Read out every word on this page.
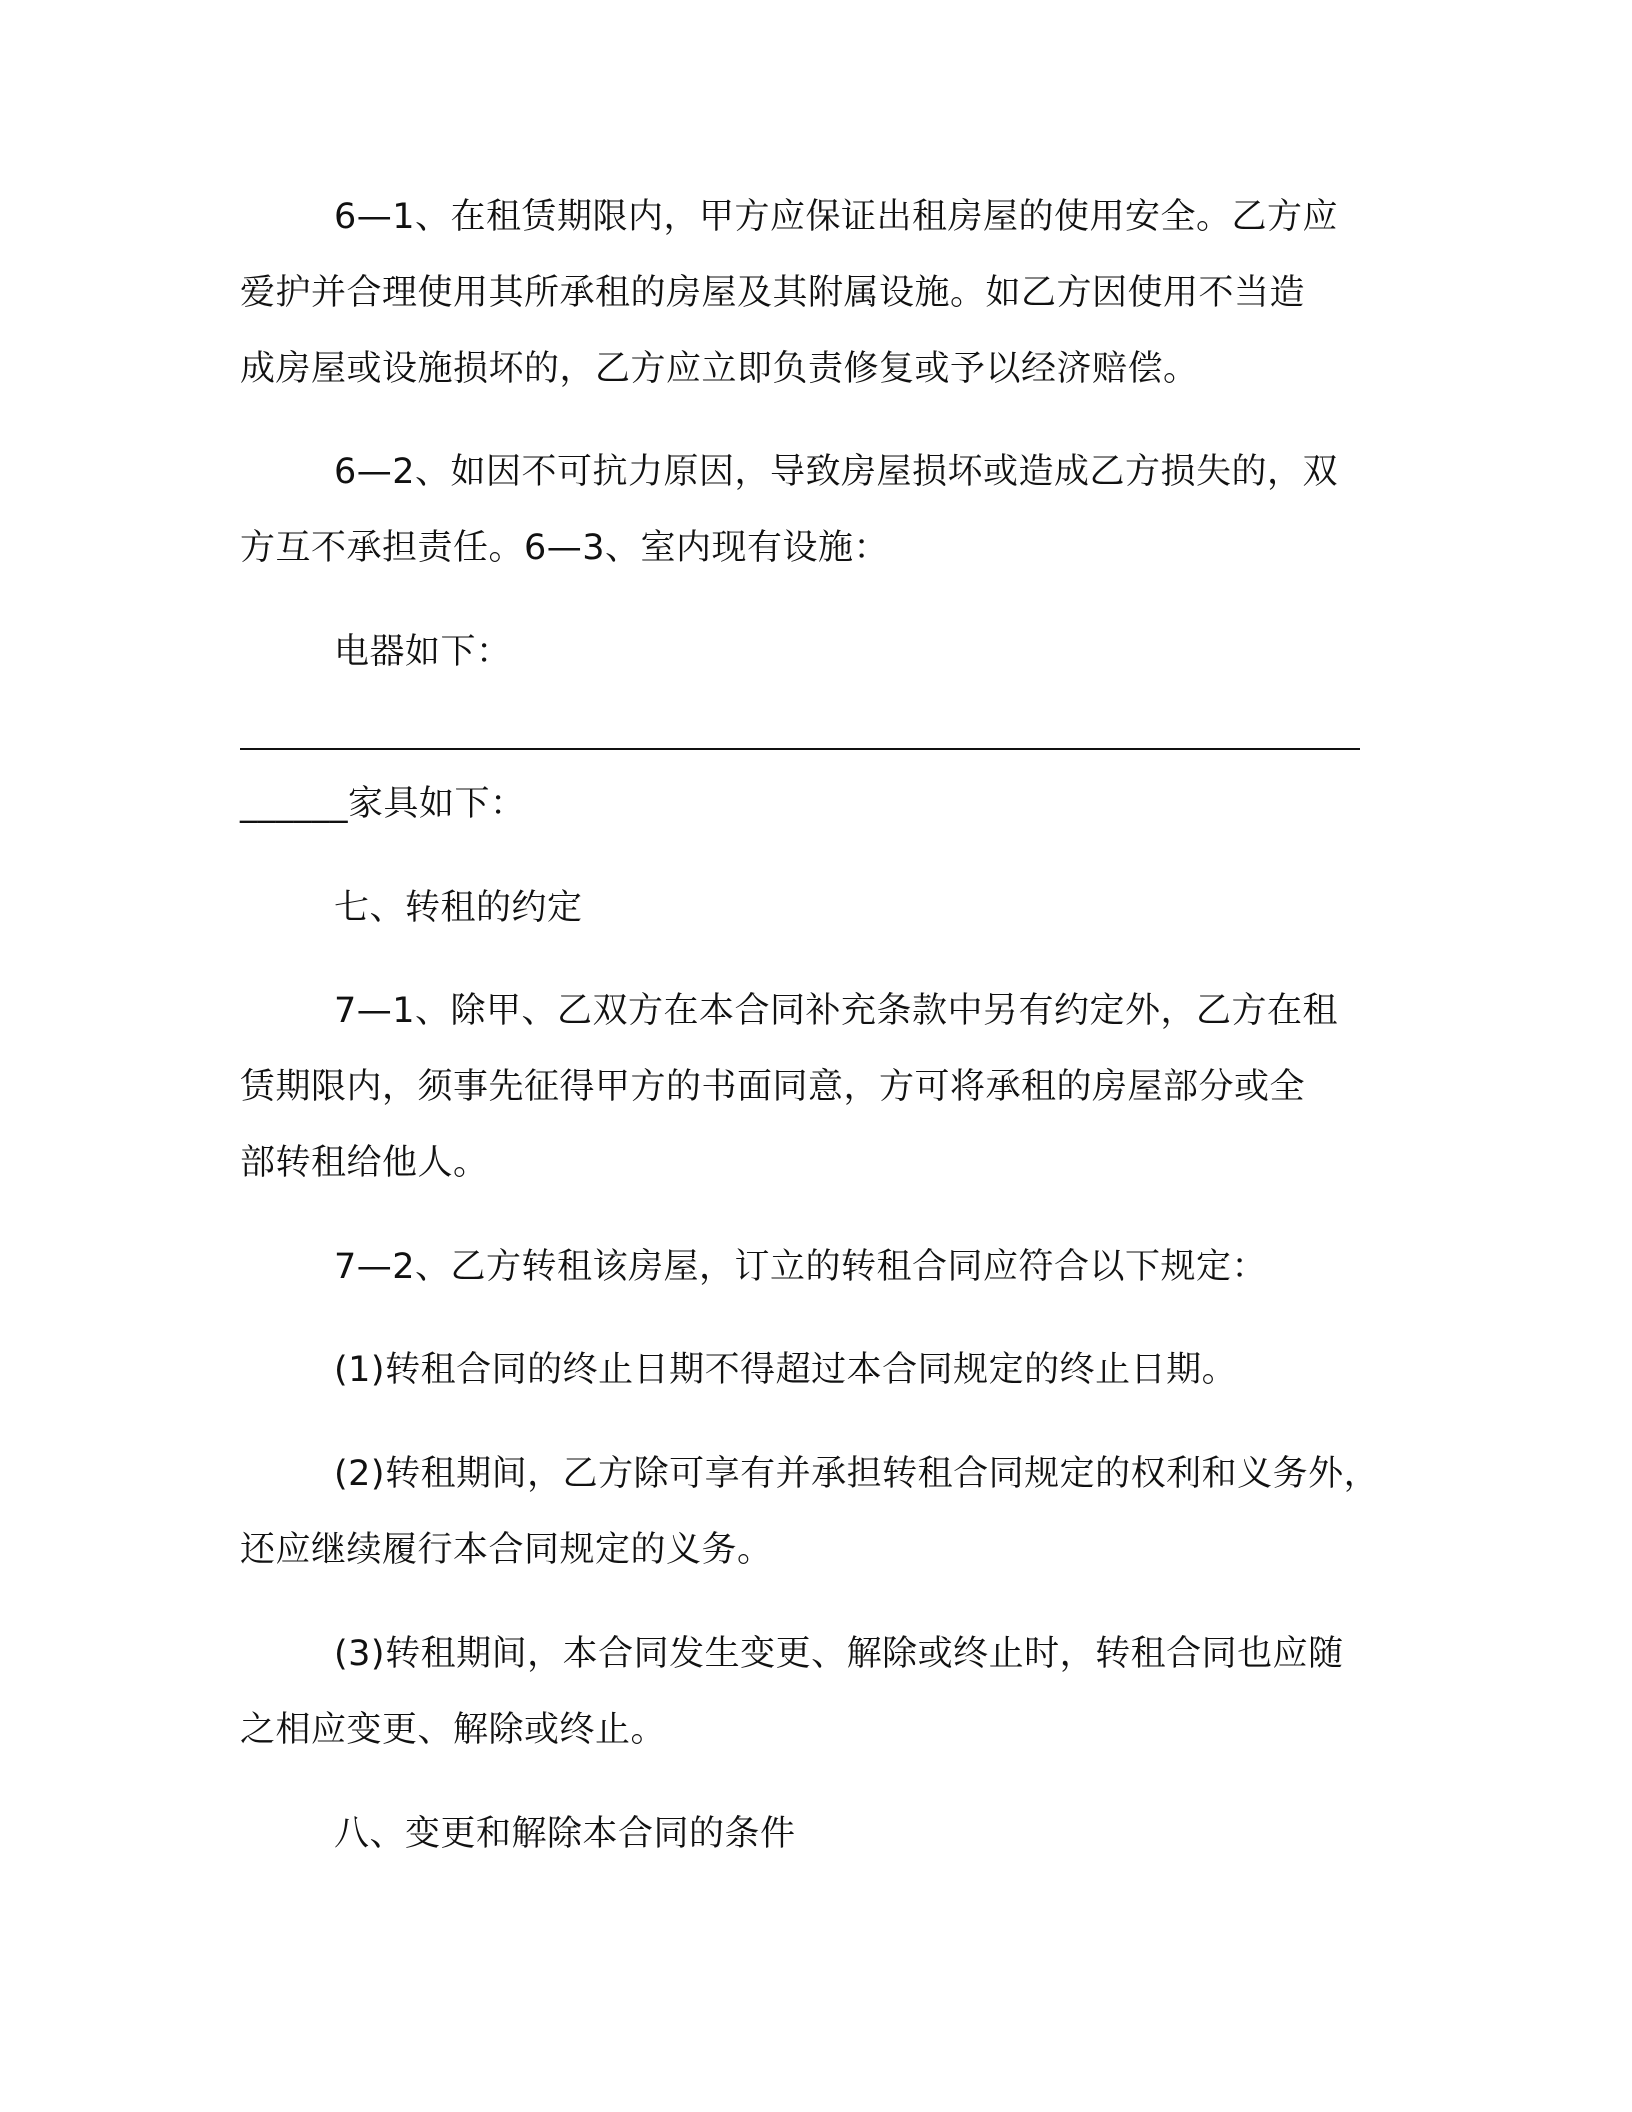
6—1、在租赁期限内，甲方应保证出租房屋的使用安全。乙方应
爱护并合理使用其所承租的房屋及其附属设施。如乙方因使用不当造
成房屋或设施损坏的，乙方应立即负责修复或予以经济赔偿。
6—2、如因不可抗力原因，导致房屋损坏或造成乙方损失的，双
方互不承担责任。6—3、室内现有设施：
电器如下：
______家具如下：
七、转租的约定
7—1、除甲、乙双方在本合同补充条款中另有约定外，乙方在租
赁期限内，须事先征得甲方的书面同意，方可将承租的房屋部分或全
部转租给他人。
7—2、乙方转租该房屋，订立的转租合同应符合以下规定：
(1)转租合同的终止日期不得超过本合同规定的终止日期。
(2)转租期间，乙方除可享有并承担转租合同规定的权利和义务外，
还应继续履行本合同规定的义务。
(3)转租期间，本合同发生变更、解除或终止时，转租合同也应随
之相应变更、解除或终止。
八、变更和解除本合同的条件
